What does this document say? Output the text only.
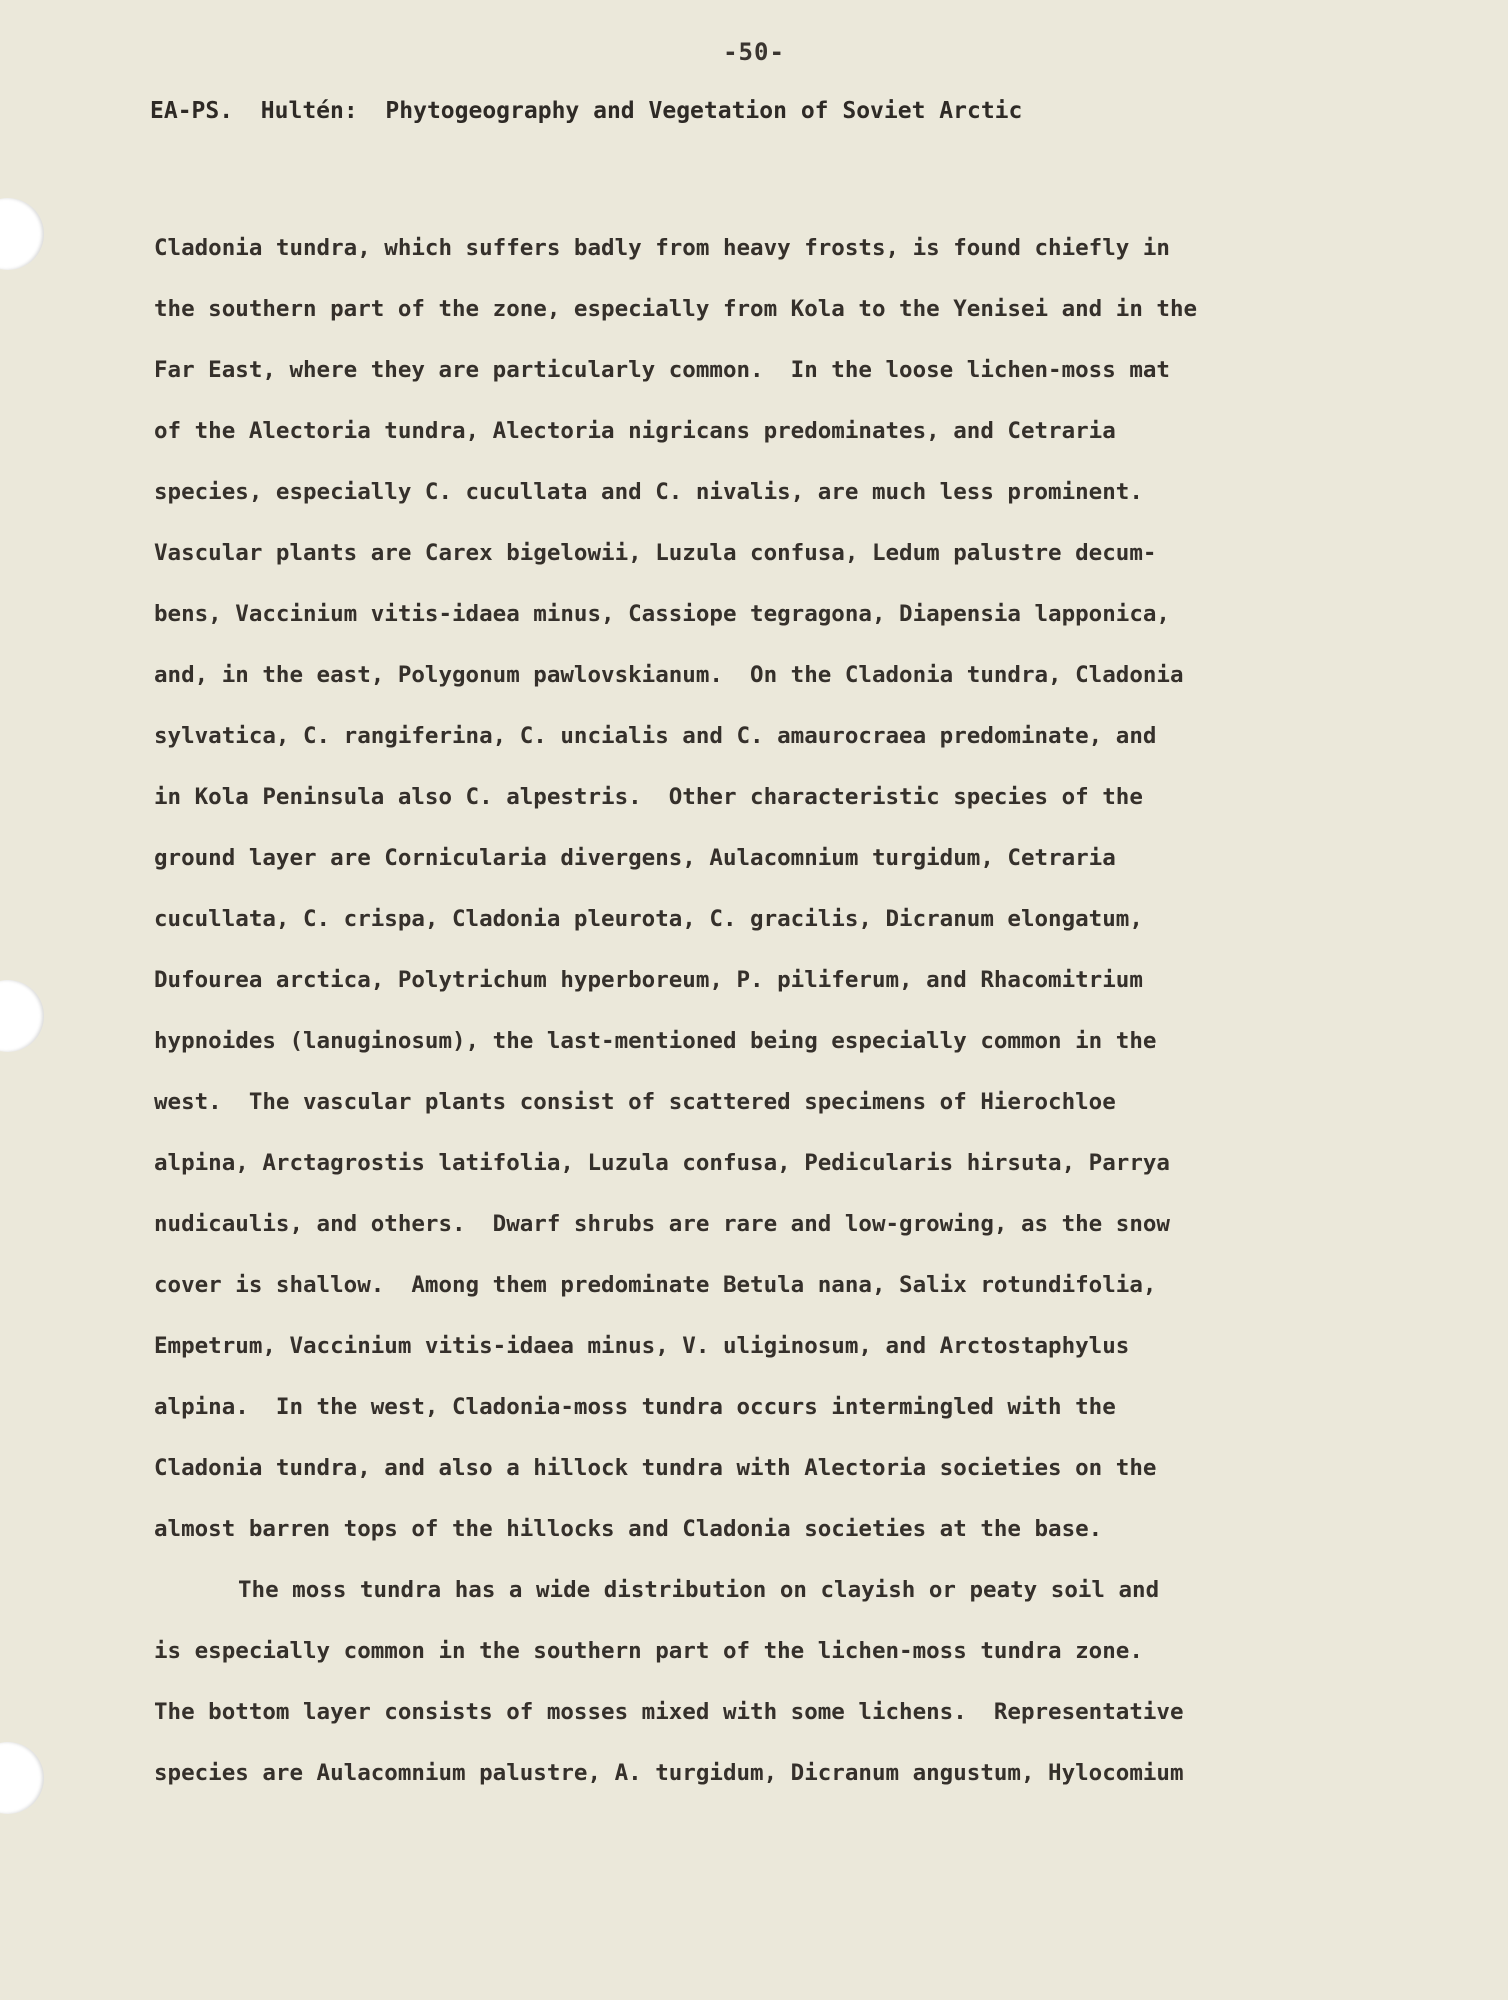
-50-
EA-PS.  Hultén:  Phytogeography and Vegetation of Soviet Arctic
Cladonia tundra, which suffers badly from heavy frosts, is found chiefly in
the southern part of the zone, especially from Kola to the Yenisei and in the
Far East, where they are particularly common.  In the loose lichen-moss mat
of the Alectoria tundra, Alectoria nigricans predominates, and Cetraria
species, especially C. cucullata and C. nivalis, are much less prominent.
Vascular plants are Carex bigelowii, Luzula confusa, Ledum palustre decum-
bens, Vaccinium vitis-idaea minus, Cassiope tegragona, Diapensia lapponica,
and, in the east, Polygonum pawlovskianum.  On the Cladonia tundra, Cladonia
sylvatica, C. rangiferina, C. uncialis and C. amaurocraea predominate, and
in Kola Peninsula also C. alpestris.  Other characteristic species of the
ground layer are Cornicularia divergens, Aulacomnium turgidum, Cetraria
cucullata, C. crispa, Cladonia pleurota, C. gracilis, Dicranum elongatum,
Dufourea arctica, Polytrichum hyperboreum, P. piliferum, and Rhacomitrium
hypnoides (lanuginosum), the last-mentioned being especially common in the
west.  The vascular plants consist of scattered specimens of Hierochloe
alpina, Arctagrostis latifolia, Luzula confusa, Pedicularis hirsuta, Parrya
nudicaulis, and others.  Dwarf shrubs are rare and low-growing, as the snow
cover is shallow.  Among them predominate Betula nana, Salix rotundifolia,
Empetrum, Vaccinium vitis-idaea minus, V. uliginosum, and Arctostaphylus
alpina.  In the west, Cladonia-moss tundra occurs intermingled with the
Cladonia tundra, and also a hillock tundra with Alectoria societies on the
almost barren tops of the hillocks and Cladonia societies at the base.
The moss tundra has a wide distribution on clayish or peaty soil and
is especially common in the southern part of the lichen-moss tundra zone.
The bottom layer consists of mosses mixed with some lichens.  Representative
species are Aulacomnium palustre, A. turgidum, Dicranum angustum, Hylocomium
